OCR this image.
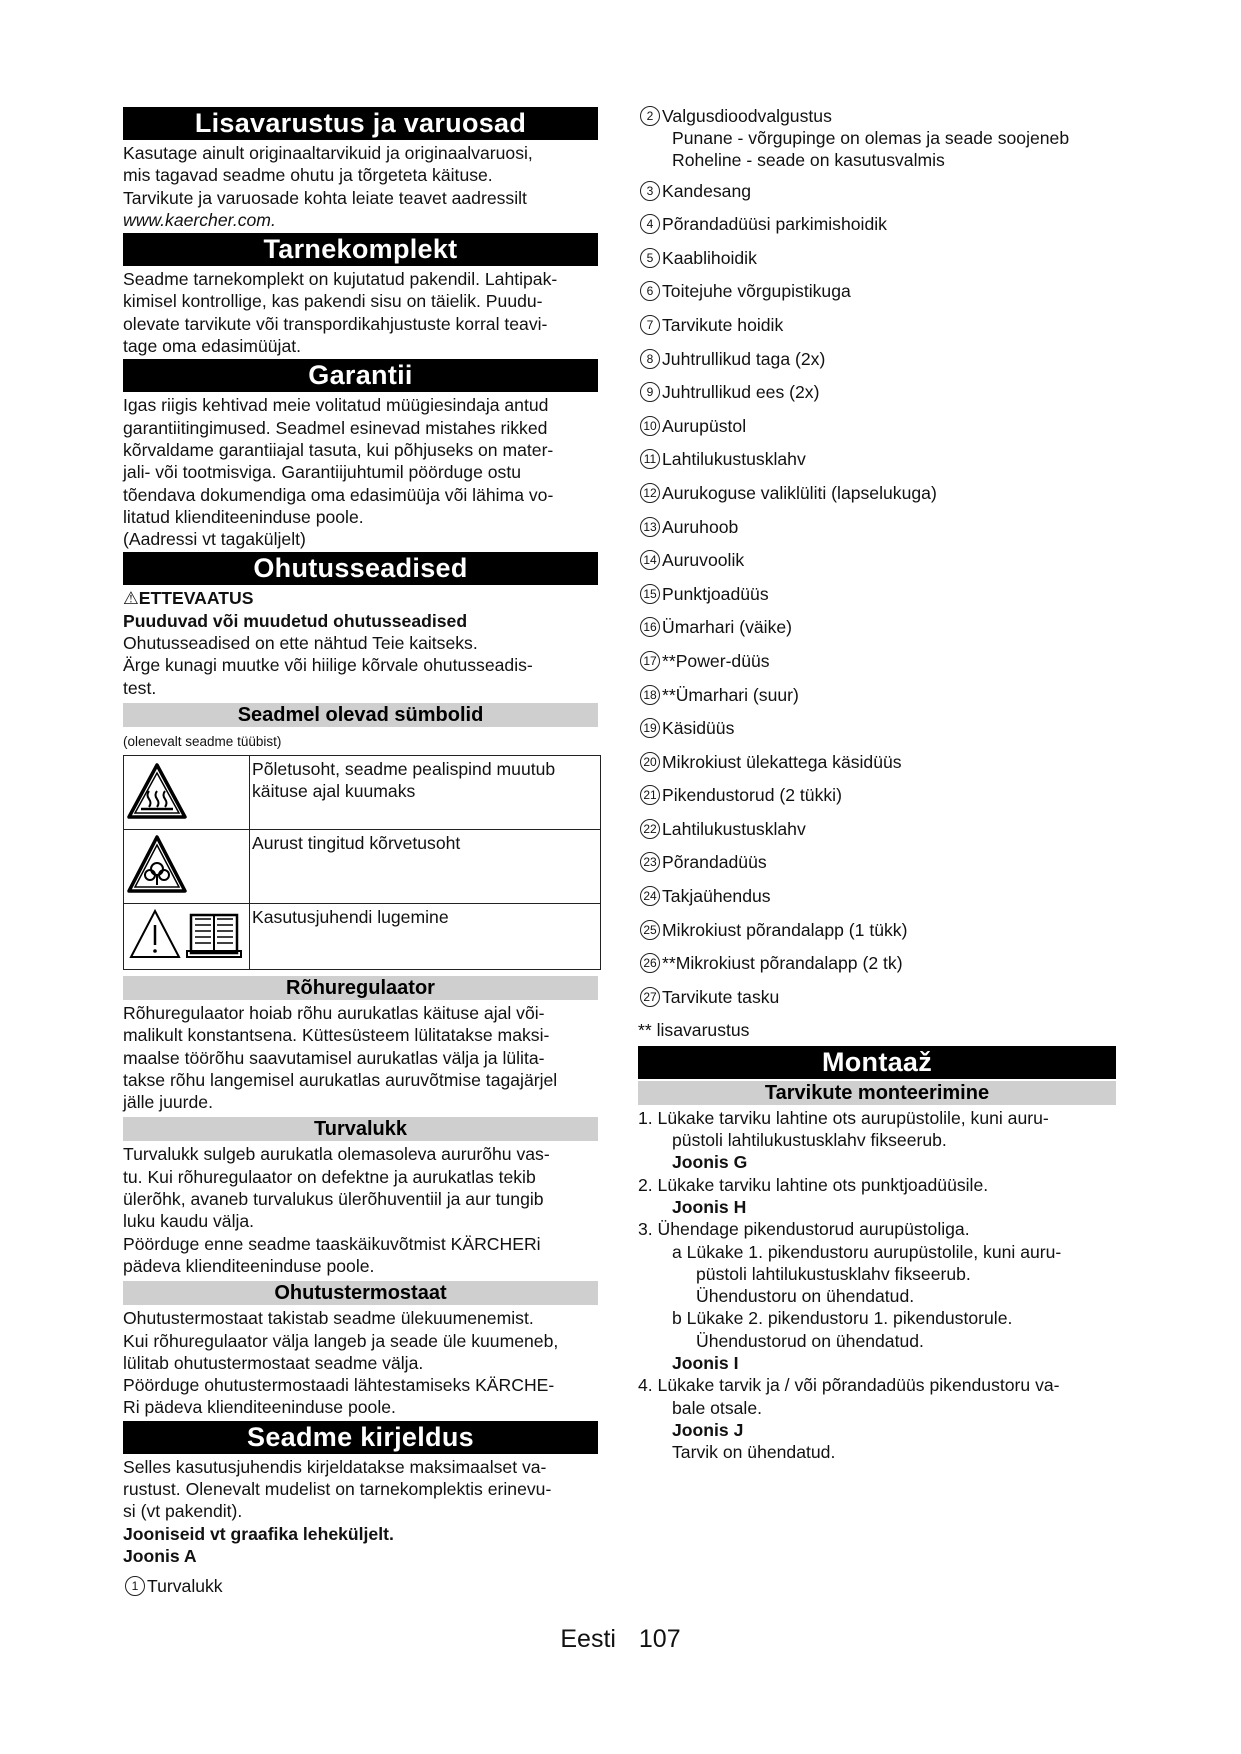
Lisavarustus ja varuosad

Kasutage ainult originaaltarvikuid ja originaalvaruosi,

mis tagavad seadme ohutu ja tõrgeteta käituse.

Tarvikute ja varuosade kohta leiate teavet aadressilt

www.kaercher.com.

Tarnekomplekt

Seadme tarnekomplekt on kujutatud pakendil. Lahtipak-

kimisel kontrollige, kas pakendi sisu on täielik. Puudu-

olevate tarvikute või transpordikahjustuste korral teavi-

tage oma edasimüüjat.

Garantii

Igas riigis kehtivad meie volitatud müügiesindaja antud

garantiitingimused. Seadmel esinevad mistahes rikked

kõrvaldame garantiiajal tasuta, kui põhjuseks on mater-

jali- või tootmisviga. Garantiijuhtumil pöörduge ostu

tõendava dokumendiga oma edasimüüja või lähima vo-

litatud klienditeeninduse poole.

(Aadressi vt tagaküljelt)

Ohutusseadised

⚠ETTEVAATUS

Puuduvad või muudetud ohutusseadised

Ohutusseadised on ette nähtud Teie kaitseks.

Ärge kunagi muutke või hiilige kõrvale ohutusseadis-

test.

Seadmel olevad sümbolid

(olenevalt seadme tüübist)

Põletusoht, seadme pealispind muutub
käituse ajal kuumaks

Aurust tingitud kõrvetusoht

Kasutusjuhendi lugemine
Rõhuregulaator

Rõhuregulaator hoiab rõhu aurukatlas käituse ajal või-

malikult konstantsena. Küttesüsteem lülitatakse maksi-

maalse töörõhu saavutamisel aurukatlas välja ja lülita-

takse rõhu langemisel aurukatlas auruvõtmise tagajärjel

jälle juurde.

Turvalukk

Turvalukk sulgeb aurukatla olemasoleva aururõhu vas-

tu. Kui rõhuregulaator on defektne ja aurukatlas tekib

ülerõhk, avaneb turvalukus ülerõhuventiil ja aur tungib

luku kaudu välja.

Pöörduge enne seadme taaskäikuvõtmist KÄRCHERi

pädeva klienditeeninduse poole.

Ohutustermostaat

Ohutustermostaat takistab seadme ülekuumenemist.

Kui rõhuregulaator välja langeb ja seade üle kuumeneb,

lülitab ohutustermostaat seadme välja.

Pöörduge ohutustermostaadi lähtestamiseks KÄRCHE-

Ri pädeva klienditeeninduse poole.

Seadme kirjeldus

Selles kasutusjuhendis kirjeldatakse maksimaalset va-

rustust. Olenevalt mudelist on tarnekomplektis erinevu-

si (vt pakendit).

Jooniseid vt graafika leheküljelt.

Joonis A

1 Turvalukk
2 Valgusdioodvalgustus

Punane - võrgupinge on olemas ja seade soojeneb

Roheline - seade on kasutusvalmis

3 Kandesang
4 Põrandadüüsi parkimishoidik
5 Kaablihoidik
6 Toitejuhe võrgupistikuga
7 Tarvikute hoidik
8 Juhtrullikud taga (2x)
9 Juhtrullikud ees (2x)
10 Aurupüstol
11 Lahtilukustusklahv
12 Aurukoguse valiklüliti (lapselukuga)
13 Auruhoob
14 Auruvoolik
15 Punktjoadüüs
16 Ümarhari (väike)
17 **Power-düüs
18 **Ümarhari (suur)
19 Käsidüüs
20 Mikrokiust ülekattega käsidüüs
21 Pikendustorud (2 tükki)
22 Lahtilukustusklahv
23 Põrandadüüs
24 Takjaühendus
25 Mikrokiust põrandalapp (1 tükk)
26 **Mikrokiust põrandalapp (2 tk)
27 Tarvikute tasku

** lisavarustus

Montaaž
Tarvikute monteerimine

1. Lükake tarviku lahtine ots aurupüstolile, kuni auru-

püstoli lahtilukustusklahv fikseerub.

Joonis G

2. Lükake tarviku lahtine ots punktjoadüüsile.

Joonis H

3. Ühendage pikendustorud aurupüstoliga.

a Lükake 1. pikendustoru aurupüstolile, kuni auru-

püstoli lahtilukustusklahv fikseerub.

Ühendustoru on ühendatud.

b Lükake 2. pikendustoru 1. pikendustorule.

Ühendustorud on ühendatud.

Joonis I

4. Lükake tarvik ja / või põrandadüüs pikendustoru va-

bale otsale.

Joonis J

Tarvik on ühendatud.

Eesti 107
